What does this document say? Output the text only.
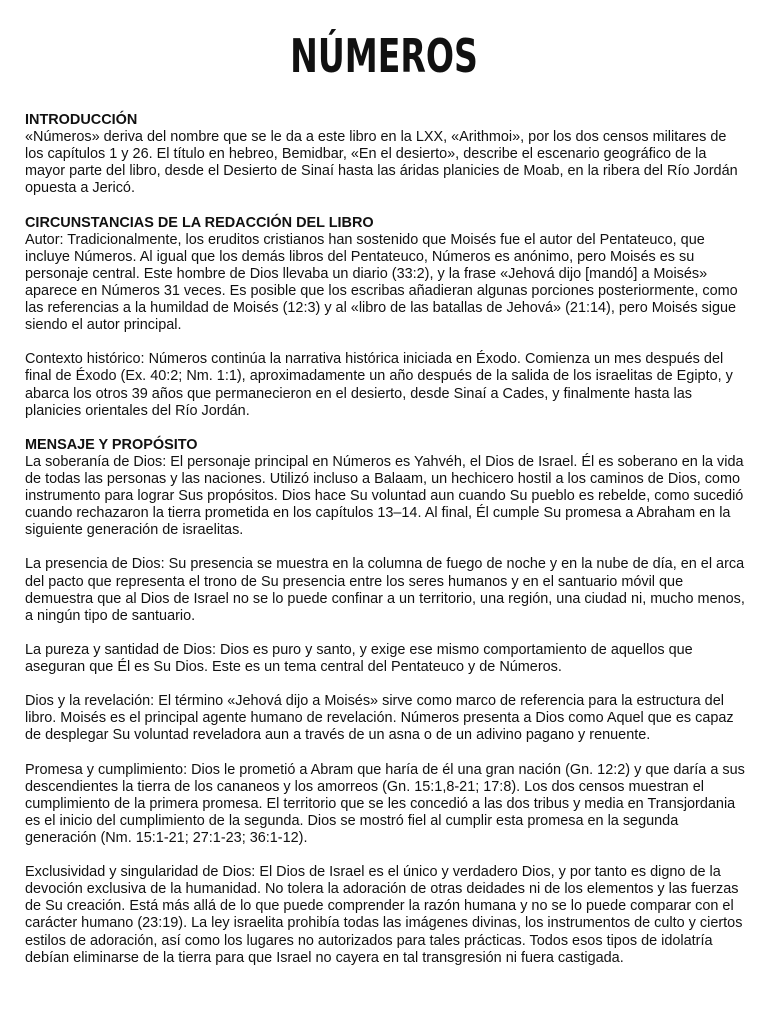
NÚMEROS

INTRODUCCIÓN
«Números» deriva del nombre que se le da a este libro en la LXX, «Arithmoi», por los dos censos militares de los capítulos 1 y 26. El título en hebreo, Bemidbar, «En el desierto», describe el escenario geográfico de la mayor parte del libro, desde el Desierto de Sinaí hasta las áridas planicies de Moab, en la ribera del Río Jordán opuesta a Jericó.

CIRCUNSTANCIAS DE LA REDACCIÓN DEL LIBRO
Autor: Tradicionalmente, los eruditos cristianos han sostenido que Moisés fue el autor del Pentateuco, que incluye Números. Al igual que los demás libros del Pentateuco, Números es anónimo, pero Moisés es su personaje central. Este hombre de Dios llevaba un diario (33:2), y la frase «Jehová dijo [mandó] a Moisés» aparece en Números 31 veces. Es posible que los escribas añadieran algunas porciones posteriormente, como las referencias a la humildad de Moisés (12:3) y al «libro de las batallas de Jehová» (21:14), pero Moisés sigue siendo el autor principal.

Contexto histórico: Números continúa la narrativa histórica iniciada en Éxodo. Comienza un mes después del final de Éxodo (Ex. 40:2; Nm. 1:1), aproximadamente un año después de la salida de los israelitas de Egipto, y abarca los otros 39 años que permanecieron en el desierto, desde Sinaí a Cades, y finalmente hasta las planicies orientales del Río Jordán.

MENSAJE Y PROPÓSITO
La soberanía de Dios: El personaje principal en Números es Yahvéh, el Dios de Israel. Él es soberano en la vida de todas las personas y las naciones. Utilizó incluso a Balaam, un hechicero hostil a los caminos de Dios, como instrumento para lograr Sus propósitos. Dios hace Su voluntad aun cuando Su pueblo es rebelde, como sucedió cuando rechazaron la tierra prometida en los capítulos 13–14. Al final, Él cumple Su promesa a Abraham en la siguiente generación de israelitas.

La presencia de Dios: Su presencia se muestra en la columna de fuego de noche y en la nube de día, en el arca del pacto que representa el trono de Su presencia entre los seres humanos y en el santuario móvil que demuestra que al Dios de Israel no se lo puede confinar a un territorio, una región, una ciudad ni, mucho menos, a ningún tipo de santuario.

La pureza y santidad de Dios: Dios es puro y santo, y exige ese mismo comportamiento de aquellos que aseguran que Él es Su Dios. Este es un tema central del Pentateuco y de Números.

Dios y la revelación: El término «Jehová dijo a Moisés» sirve como marco de referencia para la estructura del libro. Moisés es el principal agente humano de revelación. Números presenta a Dios como Aquel que es capaz de desplegar Su voluntad reveladora aun a través de un asna o de un adivino pagano y renuente.

Promesa y cumplimiento: Dios le prometió a Abram que haría de él una gran nación (Gn. 12:2) y que daría a sus descendientes la tierra de los cananeos y los amorreos (Gn. 15:1,8-21; 17:8). Los dos censos muestran el cumplimiento de la primera promesa. El territorio que se les concedió a las dos tribus y media en Transjordania es el inicio del cumplimiento de la segunda. Dios se mostró fiel al cumplir esta promesa en la segunda generación (Nm. 15:1-21; 27:1-23; 36:1-12).

Exclusividad y singularidad de Dios: El Dios de Israel es el único y verdadero Dios, y por tanto es digno de la devoción exclusiva de la humanidad. No tolera la adoración de otras deidades ni de los elementos y las fuerzas de Su creación. Está más allá de lo que puede comprender la razón humana y no se lo puede comparar con el carácter humano (23:19). La ley israelita prohibía todas las imágenes divinas, los instrumentos de culto y ciertos estilos de adoración, así como los lugares no autorizados para tales prácticas. Todos esos tipos de idolatría debían eliminarse de la tierra para que Israel no cayera en tal transgresión ni fuera castigada.
